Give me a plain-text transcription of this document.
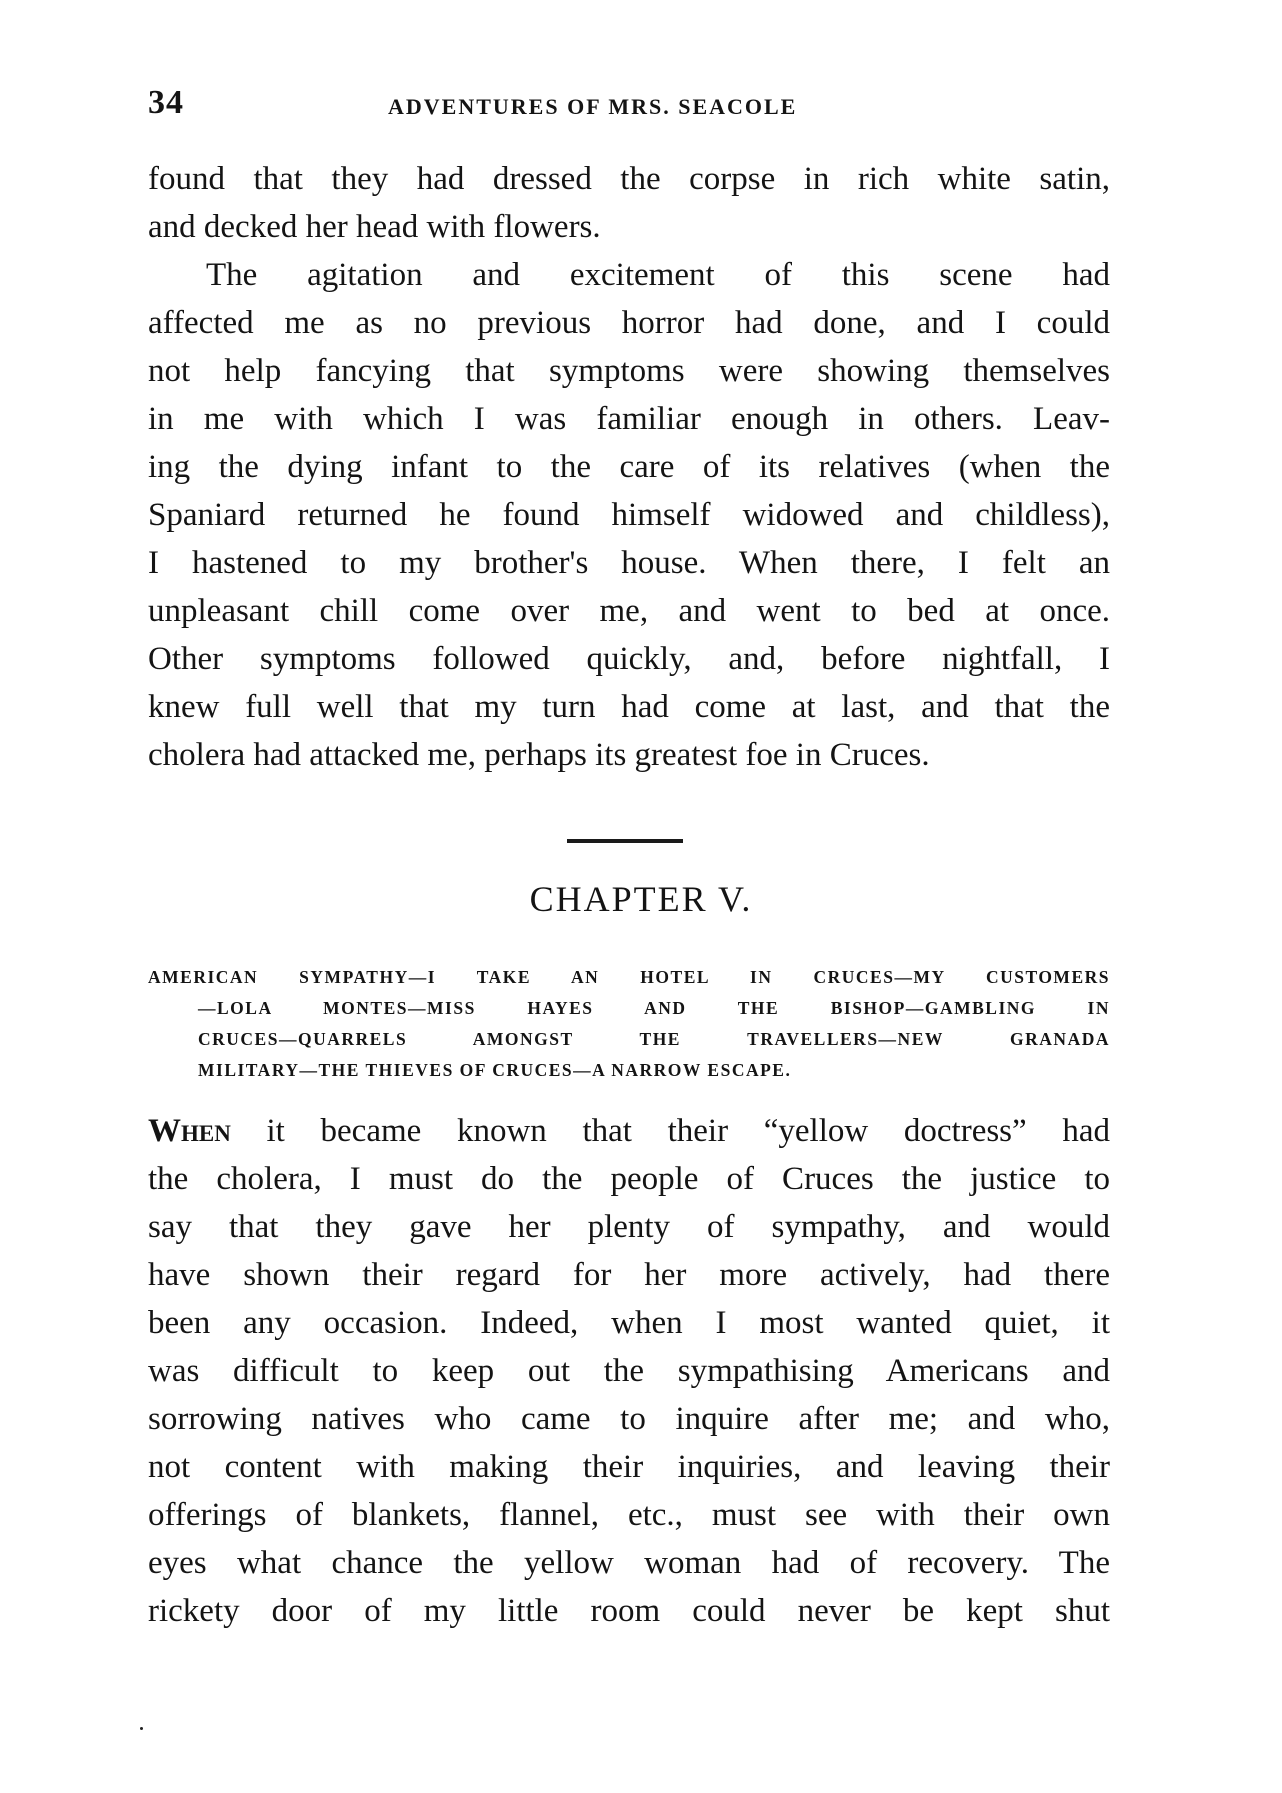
34	ADVENTURES OF MRS. SEACOLE
found that they had dressed the corpse in rich white satin,
and decked her head with flowers.
The agitation and excitement of this scene had
affected me as no previous horror had done, and I could
not help fancying that symptoms were showing themselves
in me with which I was familiar enough in others. Leav-
ing the dying infant to the care of its relatives (when the
Spaniard returned he found himself widowed and childless),
I hastened to my brother's house. When there, I felt an
unpleasant chill come over me, and went to bed at once.
Other symptoms followed quickly, and, before nightfall, I
knew full well that my turn had come at last, and that the
cholera had attacked me, perhaps its greatest foe in Cruces.
CHAPTER V.
AMERICAN SYMPATHY—I TAKE AN HOTEL IN CRUCES—MY CUSTOMERS
—LOLA MONTES—MISS HAYES AND THE BISHOP—GAMBLING IN
CRUCES—QUARRELS AMONGST THE TRAVELLERS—NEW GRANADA
MILITARY—THE THIEVES OF CRUCES—A NARROW ESCAPE.
When it became known that their “yellow doctress” had
the cholera, I must do the people of Cruces the justice to
say that they gave her plenty of sympathy, and would
have shown their regard for her more actively, had there
been any occasion. Indeed, when I most wanted quiet, it
was difficult to keep out the sympathising Americans and
sorrowing natives who came to inquire after me; and who,
not content with making their inquiries, and leaving their
offerings of blankets, flannel, etc., must see with their own
eyes what chance the yellow woman had of recovery. The
rickety door of my little room could never be kept shut
